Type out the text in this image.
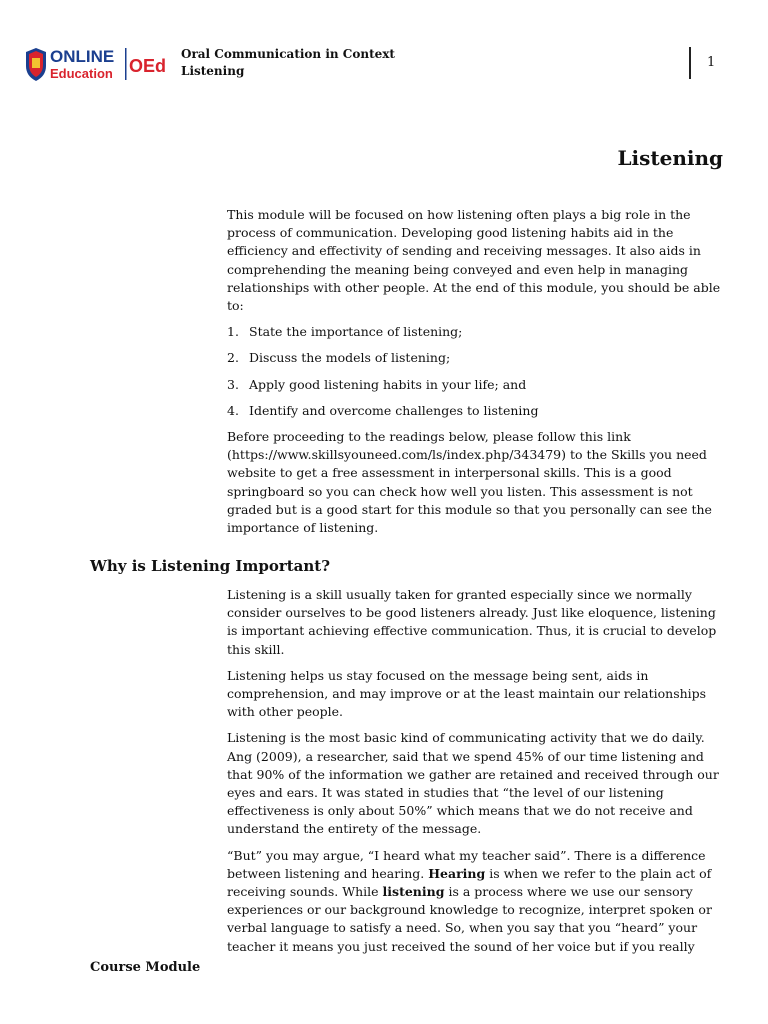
ONLINE
Education OEd
Oral Communication in Context
Listening
1
Listening

This module will be focused on how listening often plays a big role in the process of communication. Developing good listening habits aid in the efficiency and effectivity of sending and receiving messages. It also aids in comprehending the meaning being conveyed and even help in managing relationships with other people. At the end of this module, you should be able to:

1. State the importance of listening;
2. Discuss the models of listening;
3. Apply good listening habits in your life; and
4. Identify and overcome challenges to listening

Before proceeding to the readings below, please follow this link (https://www.skillsyouneed.com/ls/index.php/343479) to the Skills you need website to get a free assessment in interpersonal skills. This is a good springboard so you can check how well you listen. This assessment is not graded but is a good start for this module so that you personally can see the importance of listening.

Why is Listening Important?

Listening is a skill usually taken for granted especially since we normally consider ourselves to be good listeners already. Just like eloquence, listening is important achieving effective communication. Thus, it is crucial to develop this skill.

Listening helps us stay focused on the message being sent, aids in comprehension, and may improve or at the least maintain our relationships with other people.

Listening is the most basic kind of communicating activity that we do daily. Ang (2009), a researcher, said that we spend 45% of our time listening and that 90% of the information we gather are retained and received through our eyes and ears. It was stated in studies that “the level of our listening effectiveness is only about 50%” which means that we do not receive and understand the entirety of the message.

“But” you may argue, “I heard what my teacher said”. There is a difference between listening and hearing. Hearing is when we refer to the plain act of receiving sounds. While listening is a process where we use our sensory experiences or our background knowledge to recognize, interpret spoken or verbal language to satisfy a need. So, when you say that you “heard” your teacher it means you just received the sound of her voice but if you really

Course Module
